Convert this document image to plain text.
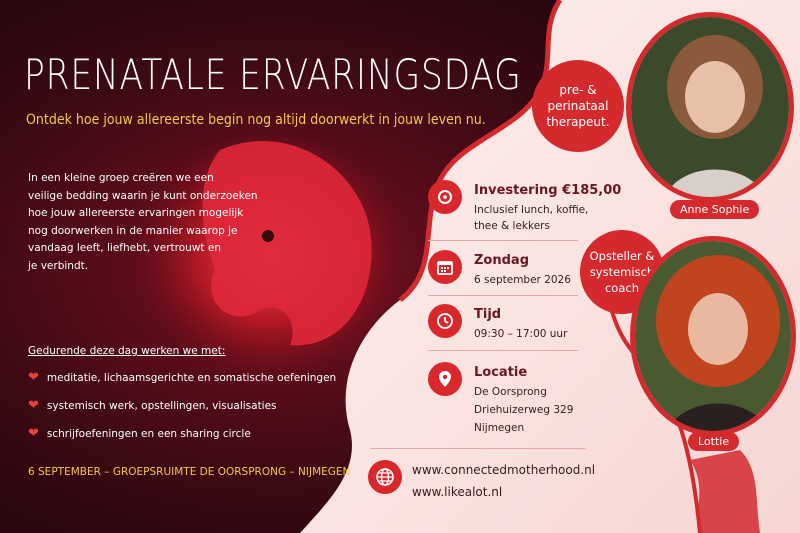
PRENATALE ERVARINGSDAG
Ontdek hoe jouw allereerste begin nog altijd doorwerkt in jouw leven nu.
In een kleine groep creëren we een
veilige bedding waarin je kunt onderzoeken
hoe jouw allereerste ervaringen mogelijk
nog doorwerken in de manier waarop je
vandaag leeft, liefhebt, vertrouwt en
je verbindt.
Gedurende deze dag werken we met:
❤ meditatie, lichaamsgerichte en somatische oefeningen
❤ systemisch werk, opstellingen, visualisaties
❤ schrijfoefeningen en een sharing circle
6 SEPTEMBER – GROEPSRUIMTE DE OORSPRONG – NIJMEGEN
Investering €185,00
Inclusief lunch, koffie,
thee & lekkers
Zondag
6 september 2026
Tijd
09:30 – 17:00 uur
Locatie
De Oorsprong
Driehuizerweg 329
Nijmegen
www.connectedmotherhood.nl
www.likealot.nl
pre- &
perinataal
therapeut.
Anne Sophie
Opsteller &
systemisch
coach
Lottie
